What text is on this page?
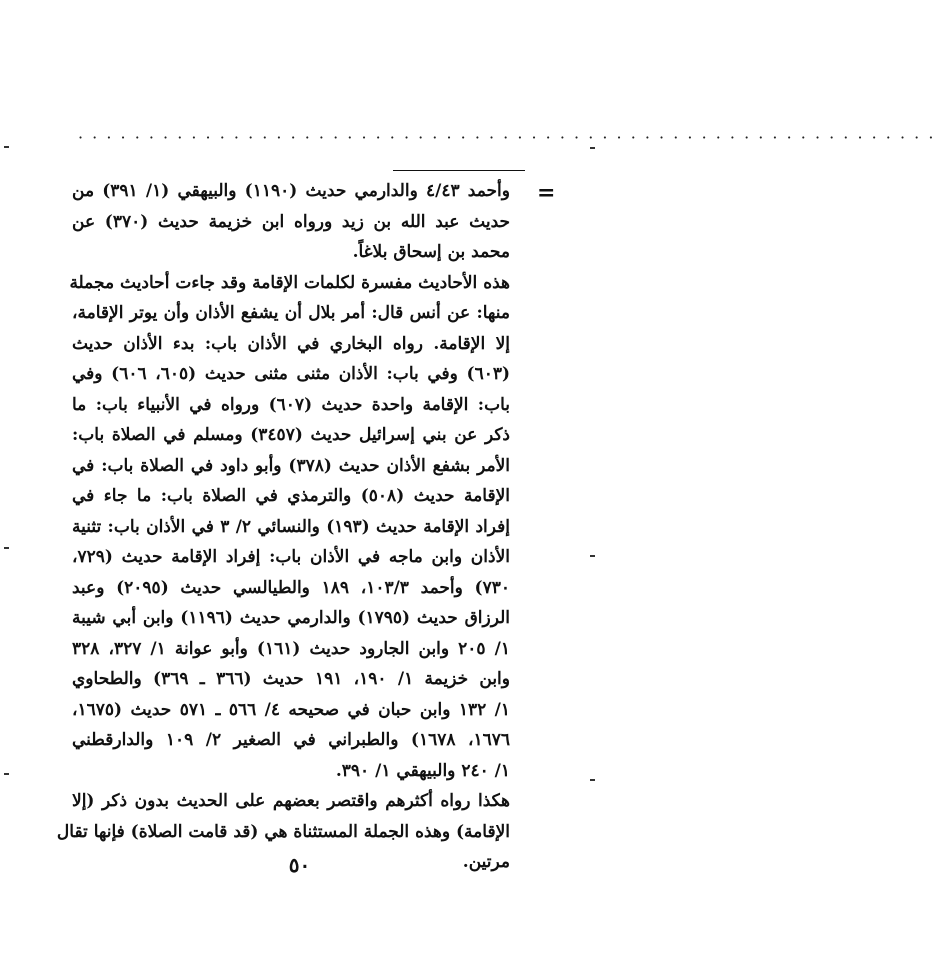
· · · · · · · · · · · · · · · · · · · · · · · · · · · · · · · · · · · · · · · · · · · · · · · · · · · · · · · · · · · · ·
=
وأحمد ٤/٤٣ والدارمي حديث (١١٩٠) والبيهقي (١/ ٣٩١) من
حديث عبد الله بن زيد ورواه ابن خزيمة حديث (٣٧٠) عن
محمد بن إسحاق بلاغاً.
هذه الأحاديث مفسرة لكلمات الإقامة وقد جاءت أحاديث مجملة
منها: عن أنس قال: أمر بلال أن يشفع الأذان وأن يوتر الإقامة،
إلا الإقامة. رواه البخاري في الأذان باب: بدء الأذان حديث
(٦٠٣) وفي باب: الأذان مثنى مثنى حديث (٦٠٥، ٦٠٦) وفي
باب: الإقامة واحدة حديث (٦٠٧) ورواه في الأنبياء باب: ما
ذكر عن بني إسرائيل حديث (٣٤٥٧) ومسلم في الصلاة باب:
الأمر بشفع الأذان حديث (٣٧٨) وأبو داود في الصلاة باب: في
الإقامة حديث (٥٠٨) والترمذي في الصلاة باب: ما جاء في
إفراد الإقامة حديث (١٩٣) والنسائي ٢/ ٣ في الأذان باب: تثنية
الأذان وابن ماجه في الأذان باب: إفراد الإقامة حديث (٧٢٩،
٧٣٠) وأحمد ١٠٣/٣، ١٨٩ والطيالسي حديث (٢٠٩٥) وعبد
الرزاق حديث (١٧٩٥) والدارمي حديث (١١٩٦) وابن أبي شيبة
١/ ٢٠٥ وابن الجارود حديث (١٦١) وأبو عوانة ١/ ٣٢٧، ٣٢٨
وابن خزيمة ١/ ١٩٠، ١٩١ حديث (٣٦٦ ـ ٣٦٩) والطحاوي
١/ ١٣٢ وابن حبان في صحيحه ٤/ ٥٦٦ ـ ٥٧١ حديث (١٦٧٥،
١٦٧٦، ١٦٧٨) والطبراني في الصغير ٢/ ١٠٩ والدارقطني
١/ ٢٤٠ والبيهقي ١/ ٣٩٠.
هكذا رواه أكثرهم واقتصر بعضهم على الحديث بدون ذكر (إلا
الإقامة) وهذه الجملة المستثناة هي (قد قامت الصلاة) فإنها تقال
مرتين.
٥٠
